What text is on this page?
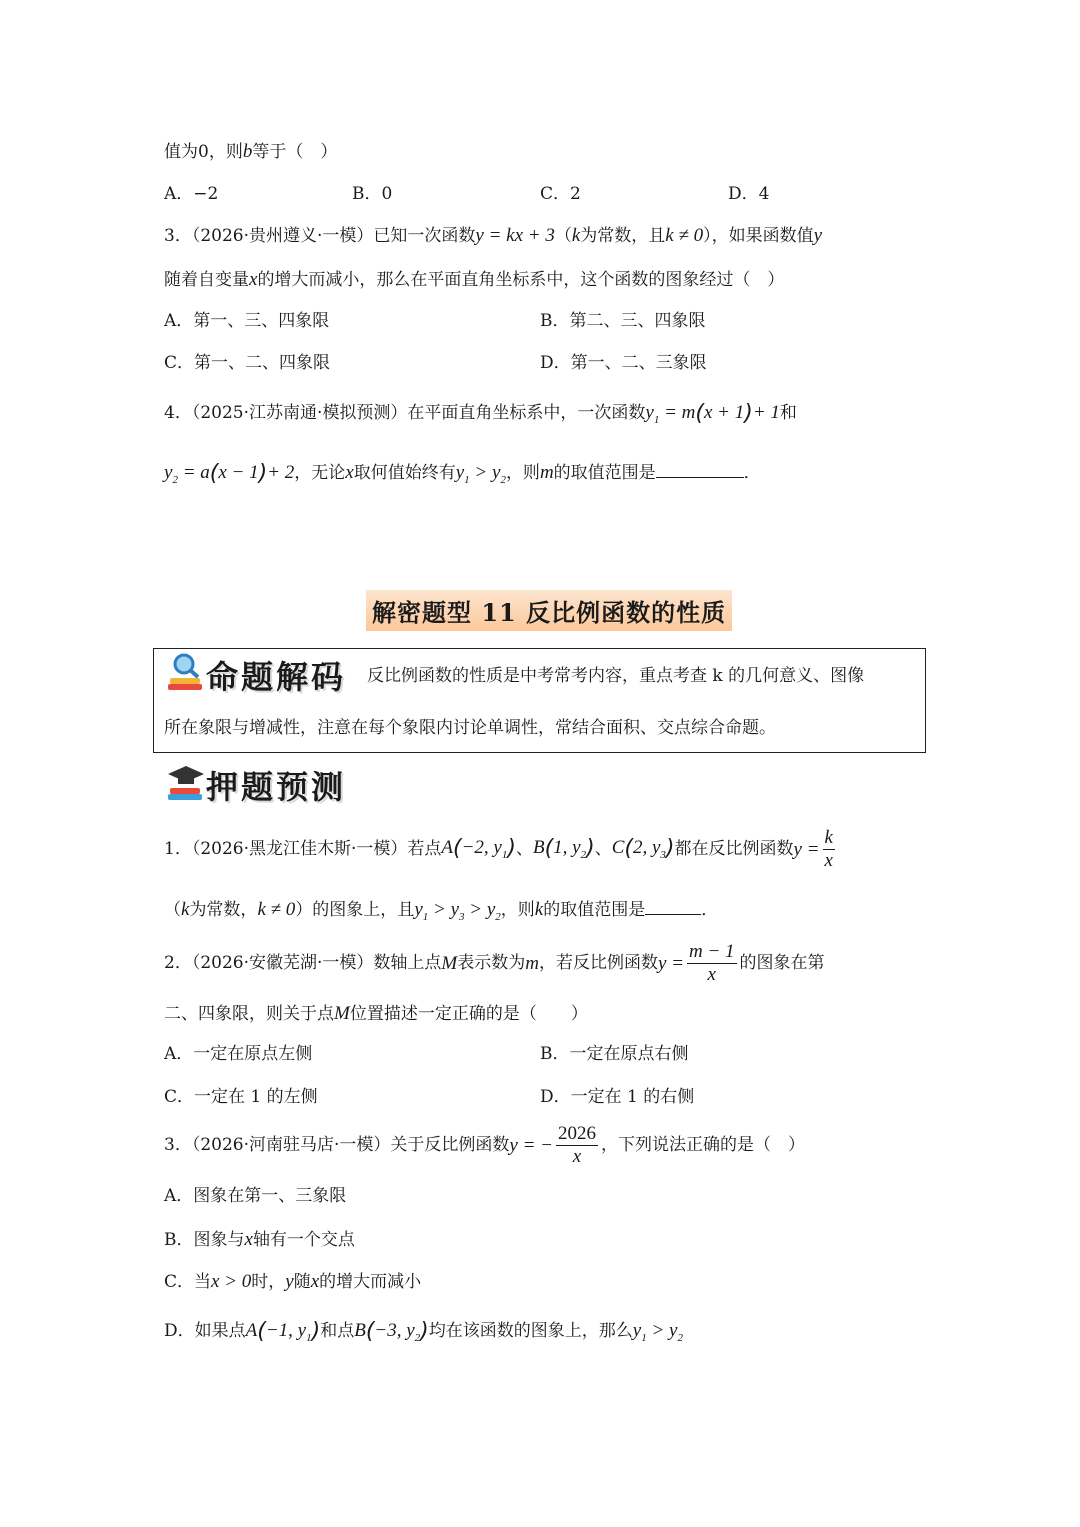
值为0，则b等于（　）
A．−2	B．0	C．2	D．4
3．（2026·贵州遵义·一模）已知一次函数y = kx + 3（k为常数，且k ≠ 0），如果函数值y
随着自变量x的增大而减小，那么在平面直角坐标系中，这个函数的图象经过（　）
A．第一、三、四象限	B．第二、三、四象限
C．第一、二、四象限	D．第一、二、三象限
4．（2025·江苏南通·模拟预测）在平面直角坐标系中，一次函数$y_1 = m(x + 1)+ 1$和
$y_2 = a(x - 1)+ 2$，无论x取何值始终有$y_1 > y_2$，则m的取值范围是	．
解密题型 11 反比例函数的性质
命题解码 反比例函数的性质是中考常考内容，重点考查 k 的几何意义、图像
所在象限与增减性，注意在每个象限内讨论单调性，常结合面积、交点综合命题。
押题预测
1．（2026·黑龙江佳木斯·一模）若点A(−2, $y_1$)、B(1, $y_2$)、C(2, $y_3$)都在反比例函数$y = \frac{k}{x}$
（k为常数，k ≠ 0）的图象上，且$y_1 > y_3 > y_2$，则k的取值范围是	．
2．（2026·安徽芜湖·一模）数轴上点M表示数为m，若反比例函数$y = \frac{m - 1}{x}$ 的图象在第
二、四象限，则关于点M位置描述一定正确的是（　　）
A．一定在原点左侧	B．一定在原点右侧
C．一定在 1 的左侧	D．一定在 1 的右侧
3．（2026·河南驻马店·一模）关于反比例函数y = − $\frac{2026}{x}$ ，下列说法正确的是（　）
A．图象在第一、三象限
B．图象与x轴有一个交点
C．当x > 0时，y随x的增大而减小
D．如果点A(−1, $y_1$)和点B(−3, $y_2$)均在该函数的图象上，那么$y_1 > y_2$
